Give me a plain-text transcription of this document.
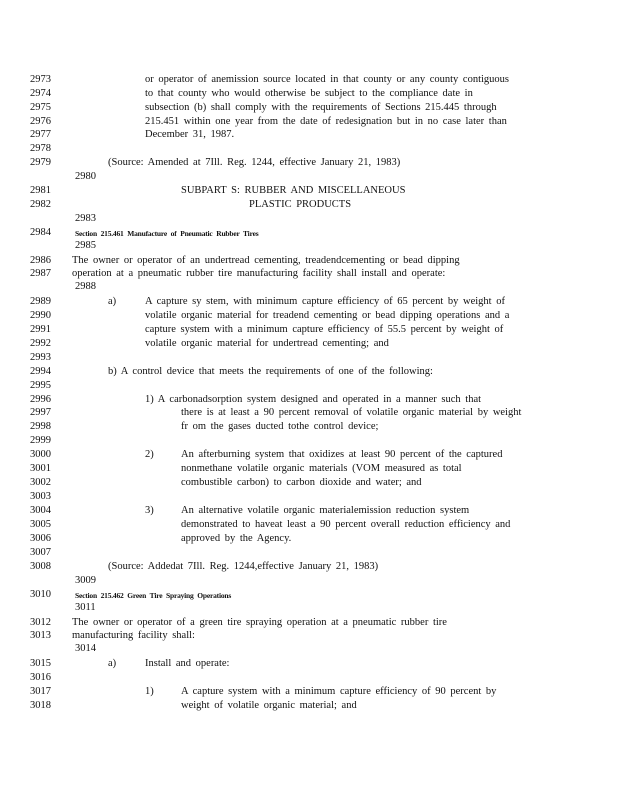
2973	or operator of anemission source located in that county or any county contiguous
2974	to that county who would otherwise be subject to the compliance date in
2975	subsection (b) shall comply with the requirements of Sections 215.445 through
2976	215.451 within one year from the date of redesignation but in no case later than
2977	December 31, 1987.
2978
2979	(Source: Amended at 7Ill. Reg. 1244, effective January 21, 1983)
2980
2981	SUBPART S: RUBBER AND MISCELLANEOUS
2982	PLASTIC PRODUCTS
2983
2984	Section 215.461 Manufacture of Pneumatic Rubber Tires
2985
2986	The owner or operator of an undertread cementing, treadendcementing or bead dipping
2987	operation at a pneumatic rubber tire manufacturing facility shall install and operate:
2988
2989	a)	A capture sy stem, with minimum capture efficiency of 65 percent by weight of
2990	volatile organic material for treadend cementing or bead dipping operations and a
2991	capture system with a minimum capture efficiency of 55.5 percent by weight of
2992	volatile organic material for undertread cementing; and
2993
2994	b) A control device that meets the requirements of one of the following:
2995
2996	1) A carbonadsorption system designed and operated in a manner such that
2997	there is at least a 90 percent removal of volatile organic material by weight
2998	fr om the gases ducted tothe control device;
2999
3000	2)	An afterburning system that oxidizes at least 90 percent of the captured
3001	nonmethane volatile organic materials (VOM measured as total
3002	combustible carbon) to carbon dioxide and water; and
3003
3004	3)	An alternative volatile organic materialemission reduction system
3005	demonstrated to haveat least a 90 percent overall reduction efficiency and
3006	approved by the Agency.
3007
3008	(Source: Addedat 7Ill. Reg. 1244,effective January 21, 1983)
3009
3010	Section 215.462 Green Tire Spraying Operations
3011
3012	The owner or operator of a green tire spraying operation at a pneumatic rubber tire
3013	manufacturing facility shall:
3014
3015	a)	Install and operate:
3016
3017	1)	A capture system with a minimum capture efficiency of 90 percent by
3018	weight of volatile organic material; and
